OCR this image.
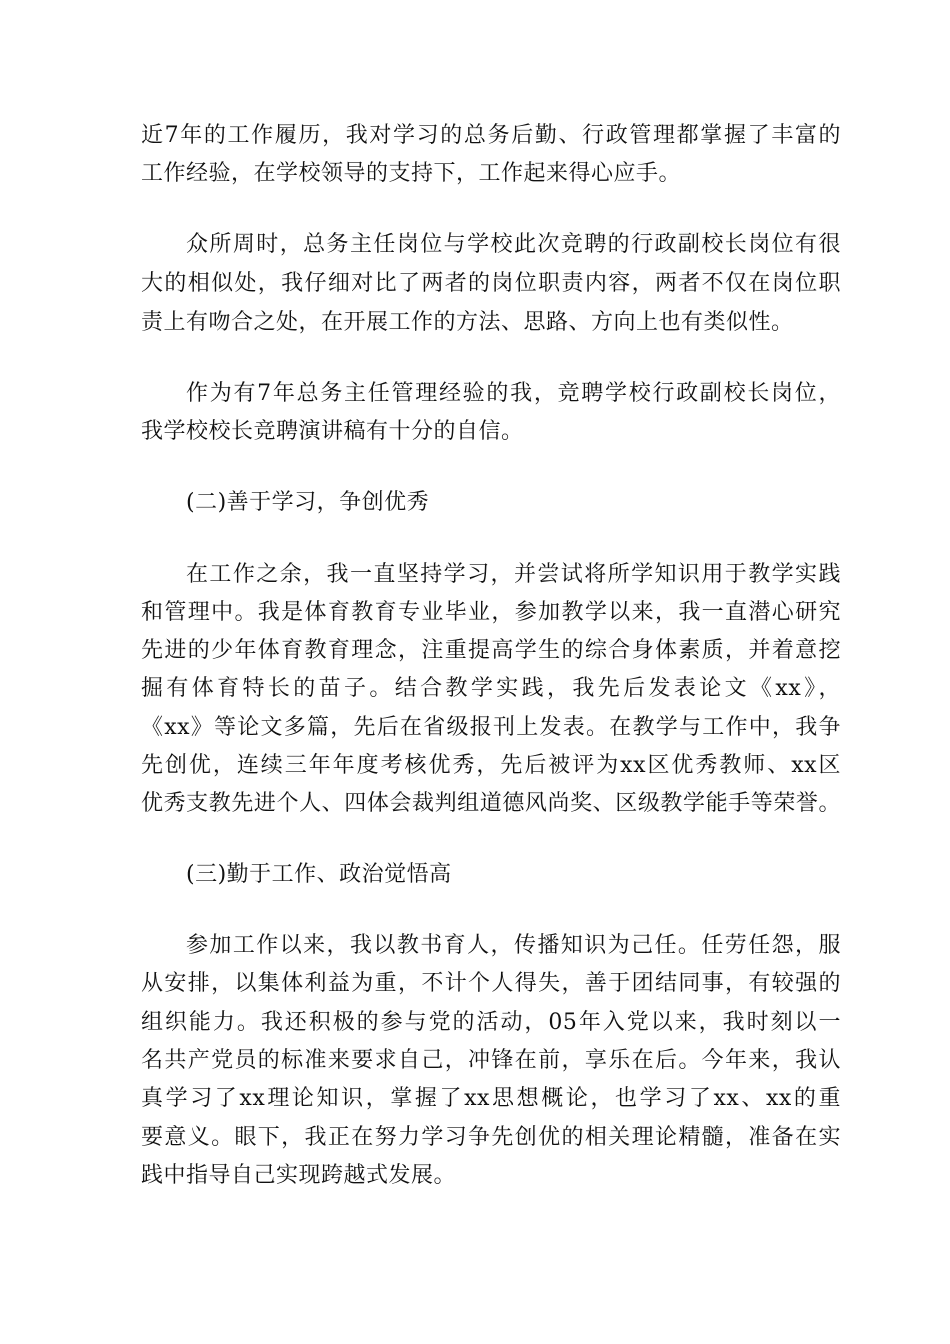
近7年的工作履历，我对学习的总务后勤、行政管理都掌握了丰富的
工作经验，在学校领导的支持下，工作起来得心应手。
众所周时，总务主任岗位与学校此次竞聘的行政副校长岗位有很
大的相似处，我仔细对比了两者的岗位职责内容，两者不仅在岗位职
责上有吻合之处，在开展工作的方法、思路、方向上也有类似性。
作为有7年总务主任管理经验的我，竞聘学校行政副校长岗位，
我学校校长竞聘演讲稿有十分的自信。
(二)善于学习，争创优秀
在工作之余，我一直坚持学习，并尝试将所学知识用于教学实践
和管理中。我是体育教育专业毕业，参加教学以来，我一直潜心研究
先进的少年体育教育理念，注重提高学生的综合身体素质，并着意挖
掘有体育特长的苗子。结合教学实践，我先后发表论文《xx》，
《xx》等论文多篇，先后在省级报刊上发表。在教学与工作中，我争
先创优，连续三年年度考核优秀，先后被评为xx区优秀教师、xx区
优秀支教先进个人、四体会裁判组道德风尚奖、区级教学能手等荣誉。
(三)勤于工作、政治觉悟高
参加工作以来，我以教书育人，传播知识为己任。任劳任怨，服
从安排，以集体利益为重，不计个人得失，善于团结同事，有较强的
组织能力。我还积极的参与党的活动，05年入党以来，我时刻以一
名共产党员的标准来要求自己，冲锋在前，享乐在后。今年来，我认
真学习了xx理论知识，掌握了xx思想概论，也学习了xx、xx的重
要意义。眼下，我正在努力学习争先创优的相关理论精髓，准备在实
践中指导自己实现跨越式发展。
